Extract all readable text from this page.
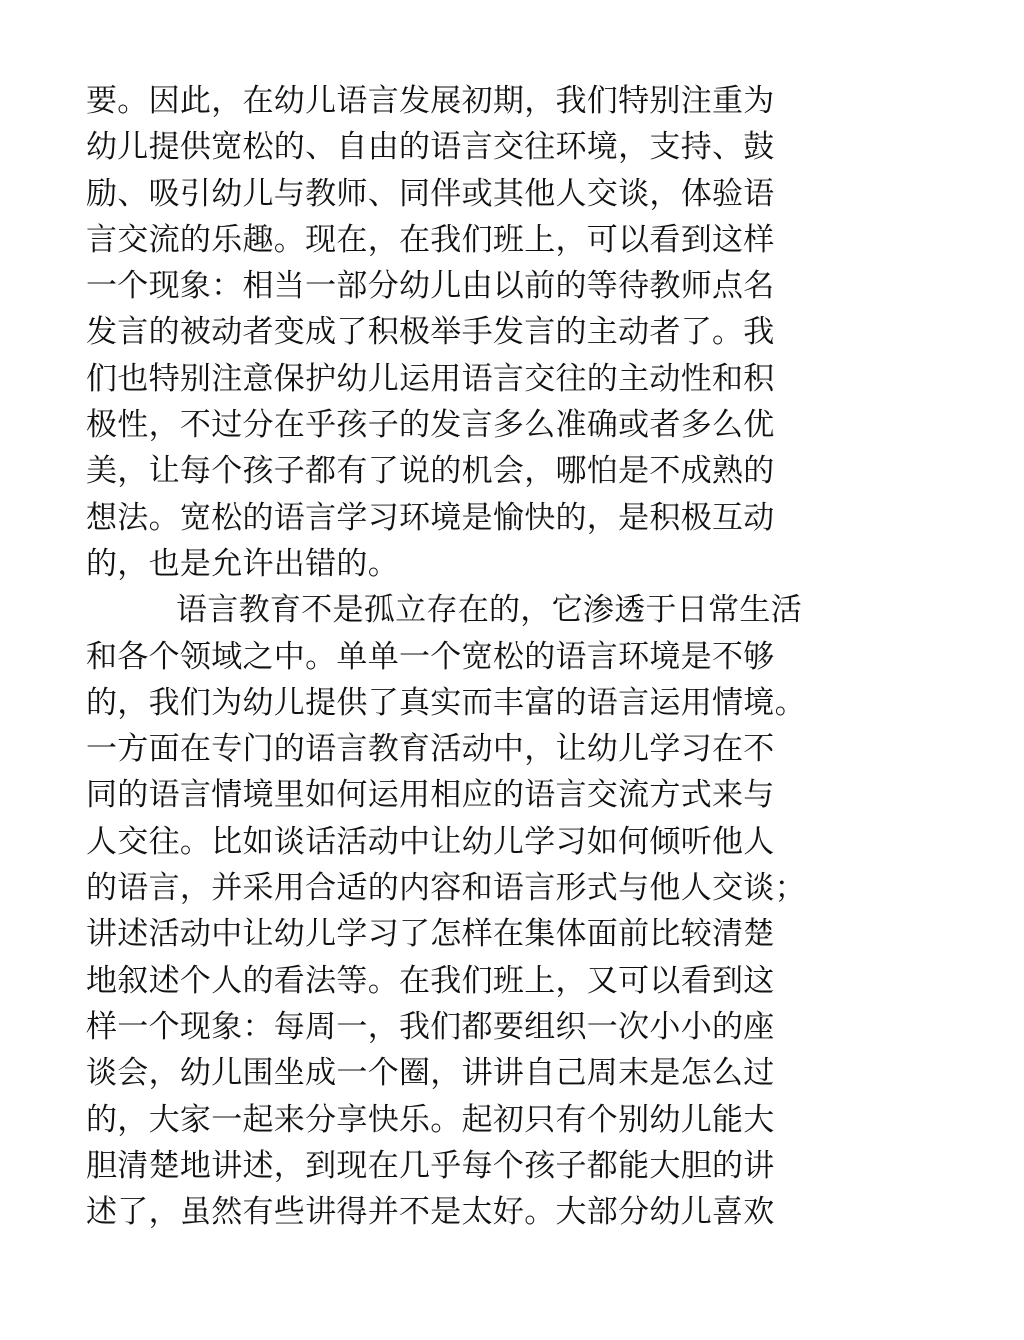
要。因此，在幼儿语言发展初期，我们特别注重为
幼儿提供宽松的、自由的语言交往环境，支持、鼓
励、吸引幼儿与教师、同伴或其他人交谈，体验语
言交流的乐趣。现在，在我们班上，可以看到这样
一个现象：相当一部分幼儿由以前的等待教师点名
发言的被动者变成了积极举手发言的主动者了。我
们也特别注意保护幼儿运用语言交往的主动性和积
极性，不过分在乎孩子的发言多么准确或者多么优
美，让每个孩子都有了说的机会，哪怕是不成熟的
想法。宽松的语言学习环境是愉快的，是积极互动
的，也是允许出错的。
语言教育不是孤立存在的，它渗透于日常生活
和各个领域之中。单单一个宽松的语言环境是不够
的，我们为幼儿提供了真实而丰富的语言运用情境。
一方面在专门的语言教育活动中，让幼儿学习在不
同的语言情境里如何运用相应的语言交流方式来与
人交往。比如谈话活动中让幼儿学习如何倾听他人
的语言，并采用合适的内容和语言形式与他人交谈；
讲述活动中让幼儿学习了怎样在集体面前比较清楚
地叙述个人的看法等。在我们班上，又可以看到这
样一个现象：每周一，我们都要组织一次小小的座
谈会，幼儿围坐成一个圈，讲讲自己周末是怎么过
的，大家一起来分享快乐。起初只有个别幼儿能大
胆清楚地讲述，到现在几乎每个孩子都能大胆的讲
述了，虽然有些讲得并不是太好。大部分幼儿喜欢
